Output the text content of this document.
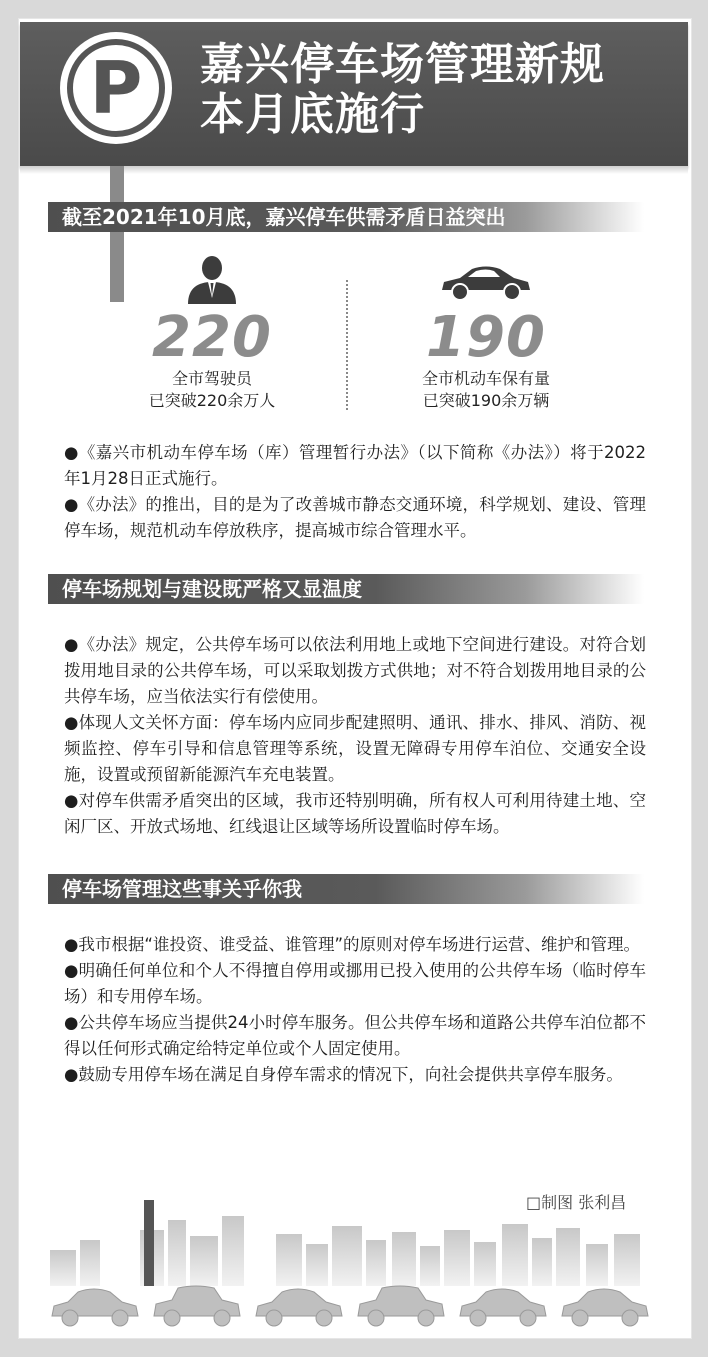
P	嘉兴停车场管理新规
本月底施行
截至2021年10月底，嘉兴停车供需矛盾日益突出
220
全市驾驶员
已突破220余万人
190
全市机动车保有量
已突破190余万辆

●《嘉兴市机动车停车场（库）管理暂行办法》（以下简称《办法》）将于2022年1月28日正式施行。

●《办法》的推出，目的是为了改善城市静态交通环境，科学规划、建设、管理停车场，规范机动车停放秩序，提高城市综合管理水平。

停车场规划与建设既严格又显温度

●《办法》规定，公共停车场可以依法利用地上或地下空间进行建设。对符合划拨用地目录的公共停车场，可以采取划拨方式供地；对不符合划拨用地目录的公共停车场，应当依法实行有偿使用。

●体现人文关怀方面：停车场内应同步配建照明、通讯、排水、排风、消防、视频监控、停车引导和信息管理等系统，设置无障碍专用停车泊位、交通安全设施，设置或预留新能源汽车充电装置。

●对停车供需矛盾突出的区域，我市还特别明确，所有权人可利用待建土地、空闲厂区、开放式场地、红线退让区域等场所设置临时停车场。

停车场管理这些事关乎你我

●我市根据“谁投资、谁受益、谁管理”的原则对停车场进行运营、维护和管理。

●明确任何单位和个人不得擅自停用或挪用已投入使用的公共停车场（临时停车场）和专用停车场。

●公共停车场应当提供24小时停车服务。但公共停车场和道路公共停车泊位都不得以任何形式确定给特定单位或个人固定使用。

●鼓励专用停车场在满足自身停车需求的情况下，向社会提供共享停车服务。

□制图 张利昌
